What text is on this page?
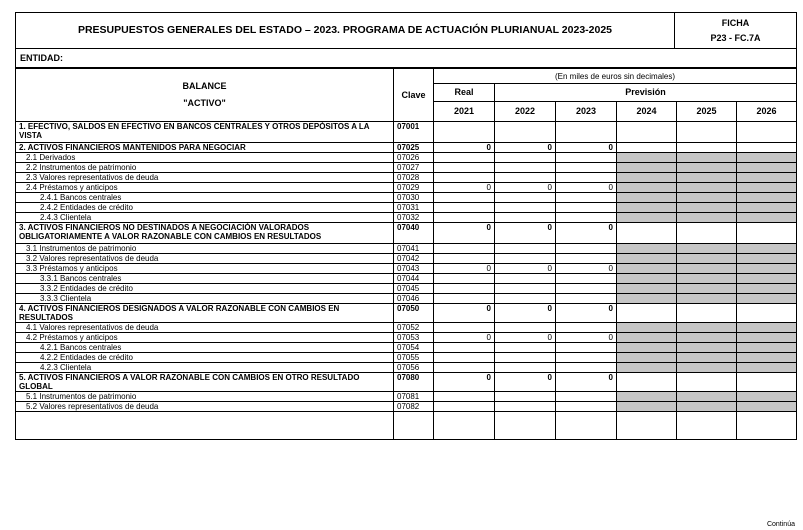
PRESUPUESTOS GENERALES DEL ESTADO – 2023. PROGRAMA DE ACTUACIÓN PLURIANUAL 2023-2025	
FICHA
P23 - FC.7A

ENTIDAD:
BALANCE
"ACTIVO"	Clave	(En miles de euros sin decimales)					
		Real	Previsión				
		2021	2022	2023	2024	2025	2026
1. EFECTIVO, SALDOS EN EFECTIVO EN BANCOS CENTRALES Y OTROS DEPÓSITOS A LA VISTA	07001						
2. ACTIVOS FINANCIEROS MANTENIDOS PARA NEGOCIAR	07025	0	0	0			
2.1 Derivados	07026						
2.2 Instrumentos de patrimonio	07027						
2.3 Valores representativos de deuda	07028						
2.4 Préstamos y anticipos	07029	0	0	0			
2.4.1 Bancos centrales	07030						
2.4.2 Entidades de crédito	07031						
2.4.3 Clientela	07032						
3. ACTIVOS FINANCIEROS NO DESTINADOS A NEGOCIACIÓN VALORADOS OBLIGATORIAMENTE A VALOR RAZONABLE CON CAMBIOS EN RESULTADOS	07040	0	0	0			
3.1 Instrumentos de patrimonio	07041						
3.2 Valores representativos de deuda	07042						
3.3 Préstamos y anticipos	07043	0	0	0			
3.3.1 Bancos centrales	07044						
3.3.2 Entidades de crédito	07045						
3.3.3 Clientela	07046						
4. ACTIVOS FINANCIEROS DESIGNADOS A VALOR RAZONABLE CON CAMBIOS EN RESULTADOS	07050	0	0	0			
4.1 Valores representativos de deuda	07052						
4.2 Préstamos y anticipos	07053	0	0	0			
4.2.1 Bancos centrales	07054						
4.2.2 Entidades de crédito	07055						
4.2.3 Clientela	07056						
5. ACTIVOS FINANCIEROS A VALOR RAZONABLE CON CAMBIOS EN OTRO RESULTADO GLOBAL	07080	0	0	0			
5.1 Instrumentos de patrimonio	07081						
5.2 Valores representativos de deuda	07082						

Continúa
